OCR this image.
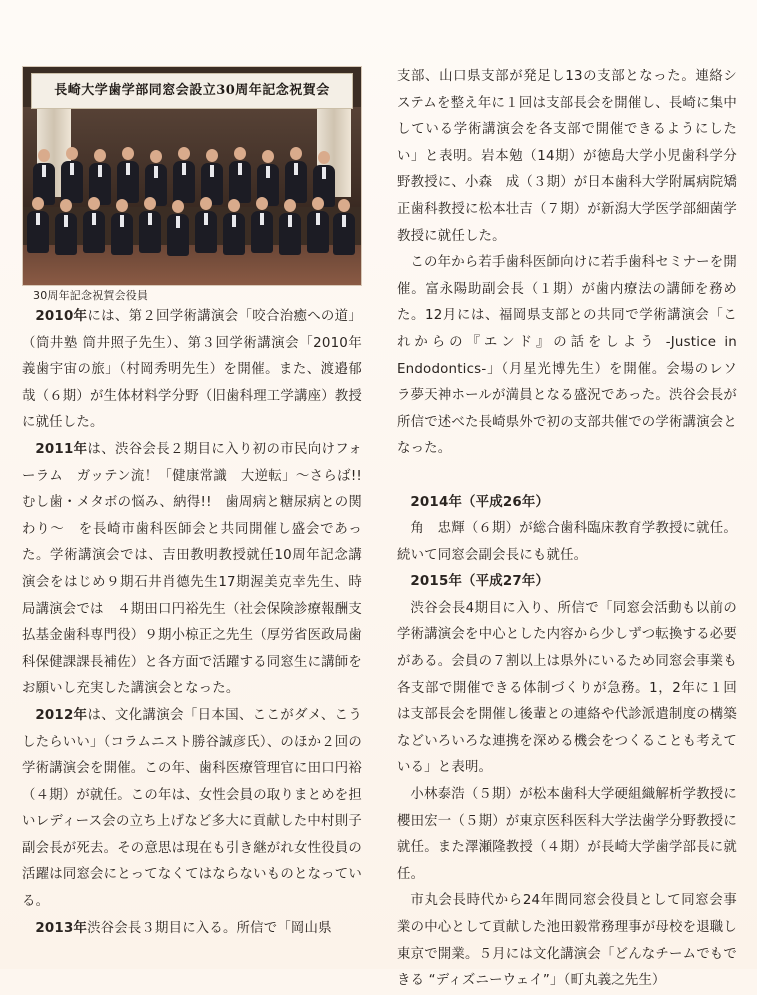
長崎大学歯学部同窓会設立30周年記念祝賀会

30周年記念祝賀会役員

2010年には、第２回学術講演会「咬合治癒への道」（筒井塾 筒井照子先生）、第３回学術講演会「2010年義歯宇宙の旅」（村岡秀明先生）を開催。また、渡邉郁哉（６期）が生体材料学分野（旧歯科理工学講座）教授に就任した。

2011年は、渋谷会長２期目に入り初の市民向けフォーラム　ガッテン流！「健康常識　大逆転」～さらば!! むし歯・メタボの悩み、納得!!　歯周病と糖尿病との関わり～　を長崎市歯科医師会と共同開催し盛会であった。学術講演会では、吉田教明教授就任10周年記念講演会をはじめ９期石井肖德先生17期渥美克幸先生、時局講演会では　４期田口円裕先生（社会保険診療報酬支払基金歯科専門役）９期小椋正之先生（厚労省医政局歯科保健課課長補佐）と各方面で活躍する同窓生に講師をお願いし充実した講演会となった。

2012年は、文化講演会「日本国、ここがダメ、こうしたらいい」（コラムニスト勝谷誠彦氏）、のほか２回の学術講演会を開催。この年、歯科医療管理官に田口円裕（４期）が就任。この年は、女性会員の取りまとめを担いレディース会の立ち上げなど多大に貢献した中村則子副会長が死去。その意思は現在も引き継がれ女性役員の活躍は同窓会にとってなくてはならないものとなっている。

2013年渋谷会長３期目に入る。所信で「岡山県

支部、山口県支部が発足し13の支部となった。連絡システムを整え年に１回は支部長会を開催し、長崎に集中している学術講演会を各支部で開催できるようにしたい」と表明。岩本勉（14期）が徳島大学小児歯科学分野教授に、小森　成（３期）が日本歯科大学附属病院矯正歯科教授に松本壮吉（７期）が新潟大学医学部細菌学教授に就任した。

この年から若手歯科医師向けに若手歯科セミナーを開催。富永陽助副会長（１期）が歯内療法の講師を務めた。12月には、福岡県支部との共同で学術講演会「これからの『エンド』の話をしよう -Justice in Endodontics-」（月星光博先生）を開催。会場のレソラ夢天神ホールが満員となる盛況であった。渋谷会長が所信で述べた長崎県外で初の支部共催での学術講演会となった。

2014年（平成26年）

角　忠輝（６期）が総合歯科臨床教育学教授に就任。続いて同窓会副会長にも就任。

2015年（平成27年）

渋谷会長4期目に入り、所信で「同窓会活動も以前の学術講演会を中心とした内容から少しずつ転換する必要がある。会員の７割以上は県外にいるため同窓会事業も各支部で開催できる体制づくりが急務。1，2年に１回は支部長会を開催し後輩との連絡や代診派遣制度の構築などいろいろな連携を深める機会をつくることも考えている」と表明。

小林泰浩（５期）が松本歯科大学硬組織解析学教授に櫻田宏一（５期）が東京医科医科大学法歯学分野教授に就任。また澤瀬隆教授（４期）が長崎大学歯学部長に就任。

市丸会長時代から24年間同窓会役員として同窓会事業の中心として貢献した池田毅常務理事が母校を退職し東京で開業。５月には文化講演会「どんなチームでもできる “ディズニーウェイ”」（町丸義之先生）
